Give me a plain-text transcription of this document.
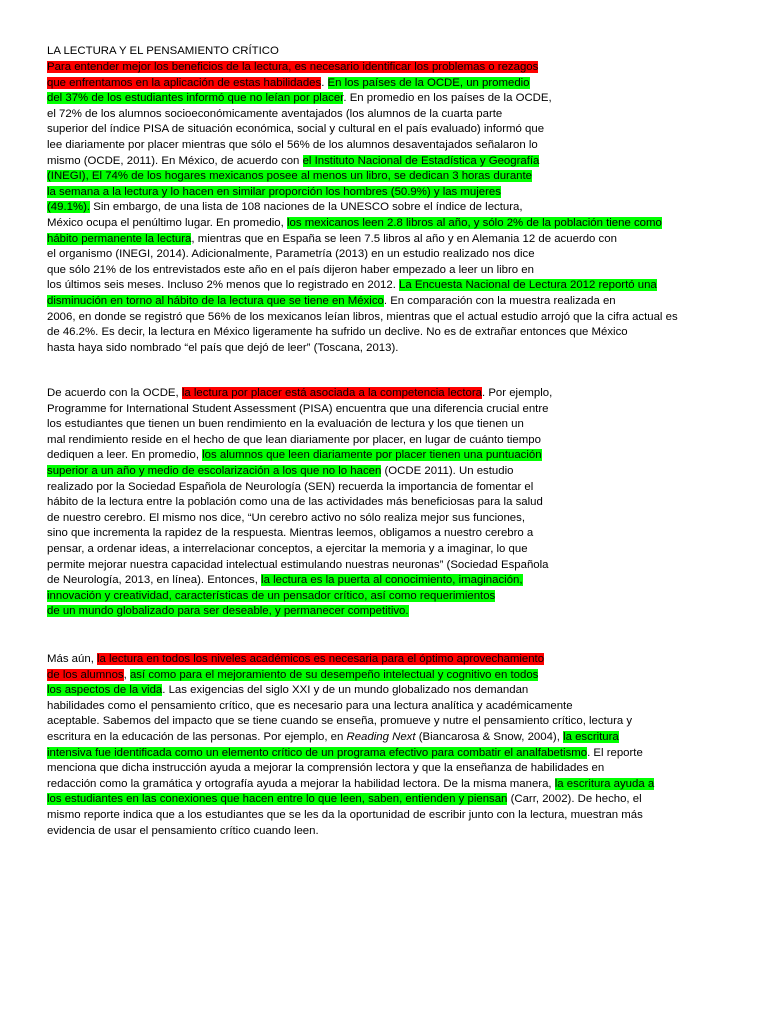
LA LECTURA Y EL PENSAMIENTO CRÍTICO
Para entender mejor los beneficios de la lectura, es necesario identificar los problemas o rezagos
que enfrentamos en la aplicación de estas habilidades. En los países de la OCDE, un promedio
del 37% de los estudiantes informó que no leían por placer. En promedio en los países de la OCDE,
el 72% de los alumnos socioeconómicamente aventajados (los alumnos de la cuarta parte
superior del índice PISA de situación económica, social y cultural en el país evaluado) informó que
lee diariamente por placer mientras que sólo el 56% de los alumnos desaventajados señalaron lo
mismo (OCDE, 2011). En México, de acuerdo con el Instituto Nacional de Estadística y Geografía
(INEGI), El 74% de los hogares mexicanos posee al menos un libro, se dedican 3 horas durante
la semana a la lectura y lo hacen en similar proporción los hombres (50.9%) y las mujeres
(49.1%). Sin embargo, de una lista de 108 naciones de la UNESCO sobre el índice de lectura,
México ocupa el penúltimo lugar. En promedio, los mexicanos leen 2.8 libros al año, y sólo 2% de la población tiene como
hábito permanente la lectura, mientras que en España se leen 7.5 libros al año y en Alemania 12 de acuerdo con
el organismo (INEGI, 2014). Adicionalmente, Parametría (2013) en un estudio realizado nos dice
que sólo 21% de los entrevistados este año en el país dijeron haber empezado a leer un libro en
los últimos seis meses. Incluso 2% menos que lo registrado en 2012. La Encuesta Nacional de Lectura 2012 reportó una
disminución en torno al hábito de la lectura que se tiene en México. En comparación con la muestra realizada en
2006, en donde se registró que 56% de los mexicanos leían libros, mientras que el actual estudio arrojó que la cifra actual es
de 46.2%. Es decir, la lectura en México ligeramente ha sufrido un declive. No es de extrañar entonces que México
hasta haya sido nombrado “el país que dejó de leer” (Toscana, 2013).
De acuerdo con la OCDE, la lectura por placer está asociada a la competencia lectora. Por ejemplo,
Programme for International Student Assessment (PISA) encuentra que una diferencia crucial entre
los estudiantes que tienen un buen rendimiento en la evaluación de lectura y los que tienen un
mal rendimiento reside en el hecho de que lean diariamente por placer, en lugar de cuánto tiempo
dediquen a leer. En promedio, los alumnos que leen diariamente por placer tienen una puntuación
superior a un año y medio de escolarización a los que no lo hacen (OCDE 2011). Un estudio
realizado por la Sociedad Española de Neurología (SEN) recuerda la importancia de fomentar el
hábito de la lectura entre la población como una de las actividades más beneficiosas para la salud
de nuestro cerebro. El mismo nos dice, “Un cerebro activo no sólo realiza mejor sus funciones,
sino que incrementa la rapidez de la respuesta. Mientras leemos, obligamos a nuestro cerebro a
pensar, a ordenar ideas, a interrelacionar conceptos, a ejercitar la memoria y a imaginar, lo que
permite mejorar nuestra capacidad intelectual estimulando nuestras neuronas” (Sociedad Española
de Neurología, 2013, en línea). Entonces, la lectura es la puerta al conocimiento, imaginación,
innovación y creatividad, características de un pensador crítico, así como requerimientos
de un mundo globalizado para ser deseable, y permanecer competitivo.
Más aún, la lectura en todos los niveles académicos es necesaria para el óptimo aprovechamiento
de los alumnos, así como para el mejoramiento de su desempeño intelectual y cognitivo en todos
los aspectos de la vida. Las exigencias del siglo XXI y de un mundo globalizado nos demandan
habilidades como el pensamiento crítico, que es necesario para una lectura analítica y académicamente
aceptable. Sabemos del impacto que se tiene cuando se enseña, promueve y nutre el pensamiento crítico, lectura y
escritura en la educación de las personas. Por ejemplo, en Reading Next (Biancarosa & Snow, 2004), la escritura
intensiva fue identificada como un elemento crítico de un programa efectivo para combatir el analfabetismo. El reporte
menciona que dicha instrucción ayuda a mejorar la comprensión lectora y que la enseñanza de habilidades en
redacción como la gramática y ortografía ayuda a mejorar la habilidad lectora. De la misma manera, la escritura ayuda a
los estudiantes en las conexiones que hacen entre lo que leen, saben, entienden y piensan (Carr, 2002). De hecho, el
mismo reporte indica que a los estudiantes que se les da la oportunidad de escribir junto con la lectura, muestran más
evidencia de usar el pensamiento crítico cuando leen.
